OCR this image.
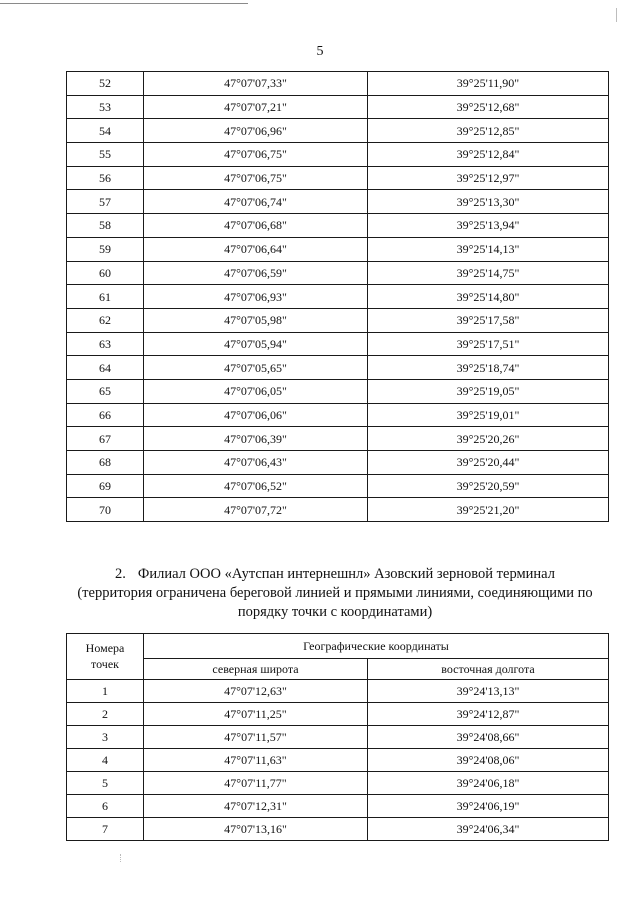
5
52	47°07'07,33"	39°25'11,90"
53	47°07'07,21"	39°25'12,68"
54	47°07'06,96"	39°25'12,85"
55	47°07'06,75"	39°25'12,84"
56	47°07'06,75"	39°25'12,97"
57	47°07'06,74"	39°25'13,30"
58	47°07'06,68"	39°25'13,94"
59	47°07'06,64"	39°25'14,13"
60	47°07'06,59"	39°25'14,75"
61	47°07'06,93"	39°25'14,80"
62	47°07'05,98"	39°25'17,58"
63	47°07'05,94"	39°25'17,51"
64	47°07'05,65"	39°25'18,74"
65	47°07'06,05"	39°25'19,05"
66	47°07'06,06"	39°25'19,01"
67	47°07'06,39"	39°25'20,26"
68	47°07'06,43"	39°25'20,44"
69	47°07'06,52"	39°25'20,59"
70	47°07'07,72"	39°25'21,20"
2. Филиал ООО «Аутспан интернешнл» Азовский зерновой терминал
(территория ограничена береговой линией и прямыми линиями, соединяющими по
порядку точки с координатами)
Номера
точек	Географические координаты	
	северная широта	восточная долгота
1	47°07'12,63"	39°24'13,13"
2	47°07'11,25"	39°24'12,87"
3	47°07'11,57"	39°24'08,66"
4	47°07'11,63"	39°24'08,06"
5	47°07'11,77"	39°24'06,18"
6	47°07'12,31"	39°24'06,19"
7	47°07'13,16"	39°24'06,34"
